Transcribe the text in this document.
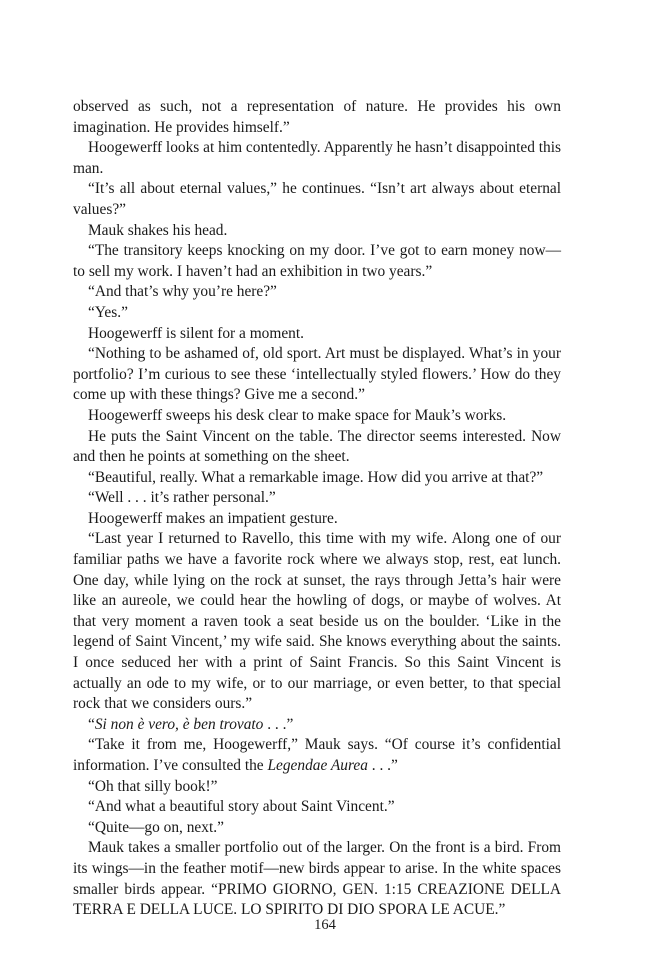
observed as such, not a representation of nature. He provides his own imagination. He provides himself.”

Hoogewerff looks at him contentedly. Apparently he hasn’t disappointed this man.

“It’s all about eternal values,” he continues. “Isn’t art always about eternal values?”

Mauk shakes his head.

“The transitory keeps knocking on my door. I’ve got to earn money now—to sell my work. I haven’t had an exhibition in two years.”

“And that’s why you’re here?”

“Yes.”

Hoogewerff is silent for a moment.

“Nothing to be ashamed of, old sport. Art must be displayed. What’s in your portfolio? I’m curious to see these ‘intellectually styled flowers.’ How do they come up with these things? Give me a second.”

Hoogewerff sweeps his desk clear to make space for Mauk’s works.

He puts the Saint Vincent on the table. The director seems interested. Now and then he points at something on the sheet.

“Beautiful, really. What a remarkable image. How did you arrive at that?”

“Well . . . it’s rather personal.”

Hoogewerff makes an impatient gesture.

“Last year I returned to Ravello, this time with my wife. Along one of our familiar paths we have a favorite rock where we always stop, rest, eat lunch. One day, while lying on the rock at sunset, the rays through Jetta’s hair were like an aureole, we could hear the howling of dogs, or maybe of wolves. At that very moment a raven took a seat beside us on the boulder. ‘Like in the legend of Saint Vincent,’ my wife said. She knows everything about the saints. I once seduced her with a print of Saint Francis. So this Saint Vincent is actually an ode to my wife, or to our marriage, or even better, to that special rock that we considers ours.”

“Si non è vero, è ben trovato . . .”

“Take it from me, Hoogewerff,” Mauk says. “Of course it’s confidential information. I’ve consulted the Legendae Aurea . . .”

“Oh that silly book!”

“And what a beautiful story about Saint Vincent.”

“Quite—go on, next.”

Mauk takes a smaller portfolio out of the larger. On the front is a bird. From its wings—in the feather motif—new birds appear to arise. In the white spaces smaller birds appear. “PRIMO GIORNO, GEN. 1:15 CREAZIONE DELLA TERRA E DELLA LUCE. LO SPIRITO DI DIO SPORA LE ACUE.”

164
